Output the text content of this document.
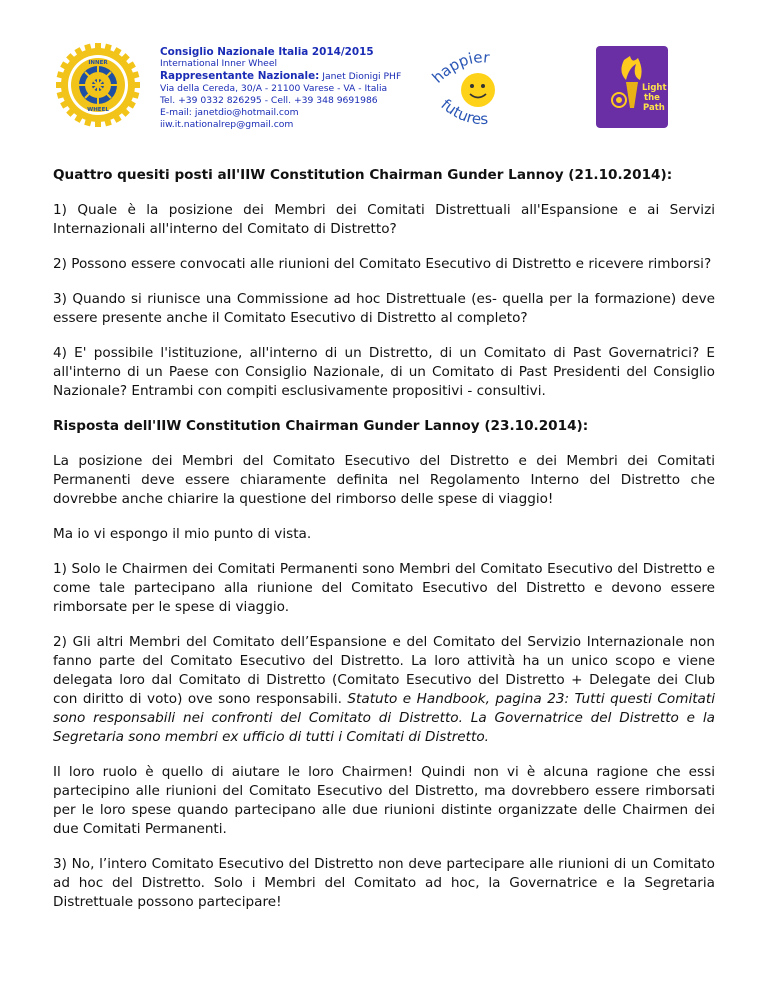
INNER
WHEEL
Consiglio Nazionale Italia 2014/2015
International Inner Wheel
Rappresentante Nazionale: Janet Dionigi PHF
Via della Cereda, 30/A - 21100 Varese - VA - Italia
Tel. +39 0332 826295 - Cell. +39 348 9691986
E-mail: janetdio@hotmail.com
iiw.it.nationalrep@gmail.com
happier
futures
Light
the
Path

Quattro quesiti posti all'IIW Constitution Chairman Gunder Lannoy (21.10.2014):

1) Quale è la posizione dei Membri dei Comitati Distrettuali all'Espansione e ai Servizi Internazionali all'interno del Comitato di Distretto?

2) Possono essere convocati alle riunioni del Comitato Esecutivo di Distretto e ricevere rimborsi?

3) Quando si riunisce una Commissione ad hoc Distrettuale (es- quella per la formazione) deve essere presente anche il Comitato Esecutivo di Distretto al completo?

4) E' possibile l'istituzione, all'interno di un Distretto, di un Comitato di Past Governatrici? E all'interno di un Paese con Consiglio Nazionale, di un Comitato di Past Presidenti del Consiglio Nazionale? Entrambi con compiti esclusivamente propositivi - consultivi.

Risposta dell'IIW Constitution Chairman Gunder Lannoy (23.10.2014):

La posizione dei Membri del Comitato Esecutivo del Distretto e dei Membri dei Comitati Permanenti deve essere chiaramente definita nel Regolamento Interno del Distretto che dovrebbe anche chiarire la questione del rimborso delle spese di viaggio!

Ma io vi espongo il mio punto di vista.

1) Solo le Chairmen dei Comitati Permanenti sono Membri del Comitato Esecutivo del Distretto e come tale partecipano alla riunione del Comitato Esecutivo del Distretto e devono essere rimborsate per le spese di viaggio.

2) Gli altri Membri del Comitato dell’Espansione e del Comitato del Servizio Internazionale non fanno parte del Comitato Esecutivo del Distretto. La loro attività ha un unico scopo e viene delegata loro dal Comitato di Distretto (Comitato Esecutivo del Distretto + Delegate dei Club con diritto di voto) ove sono responsabili. Statuto e Handbook, pagina 23: Tutti questi Comitati sono responsabili nei confronti del Comitato di Distretto. La Governatrice del Distretto e la Segretaria sono membri ex ufficio di tutti i Comitati di Distretto.

Il loro ruolo è quello di aiutare le loro Chairmen! Quindi non vi è alcuna ragione che essi partecipino alle riunioni del Comitato Esecutivo del Distretto, ma dovrebbero essere rimborsati per le loro spese quando partecipano alle due riunioni distinte organizzate delle Chairmen dei due Comitati Permanenti.

3) No, l’intero Comitato Esecutivo del Distretto non deve partecipare alle riunioni di un Comitato ad hoc del Distretto. Solo i Membri del Comitato ad hoc, la Governatrice e la Segretaria Distrettuale possono partecipare!
